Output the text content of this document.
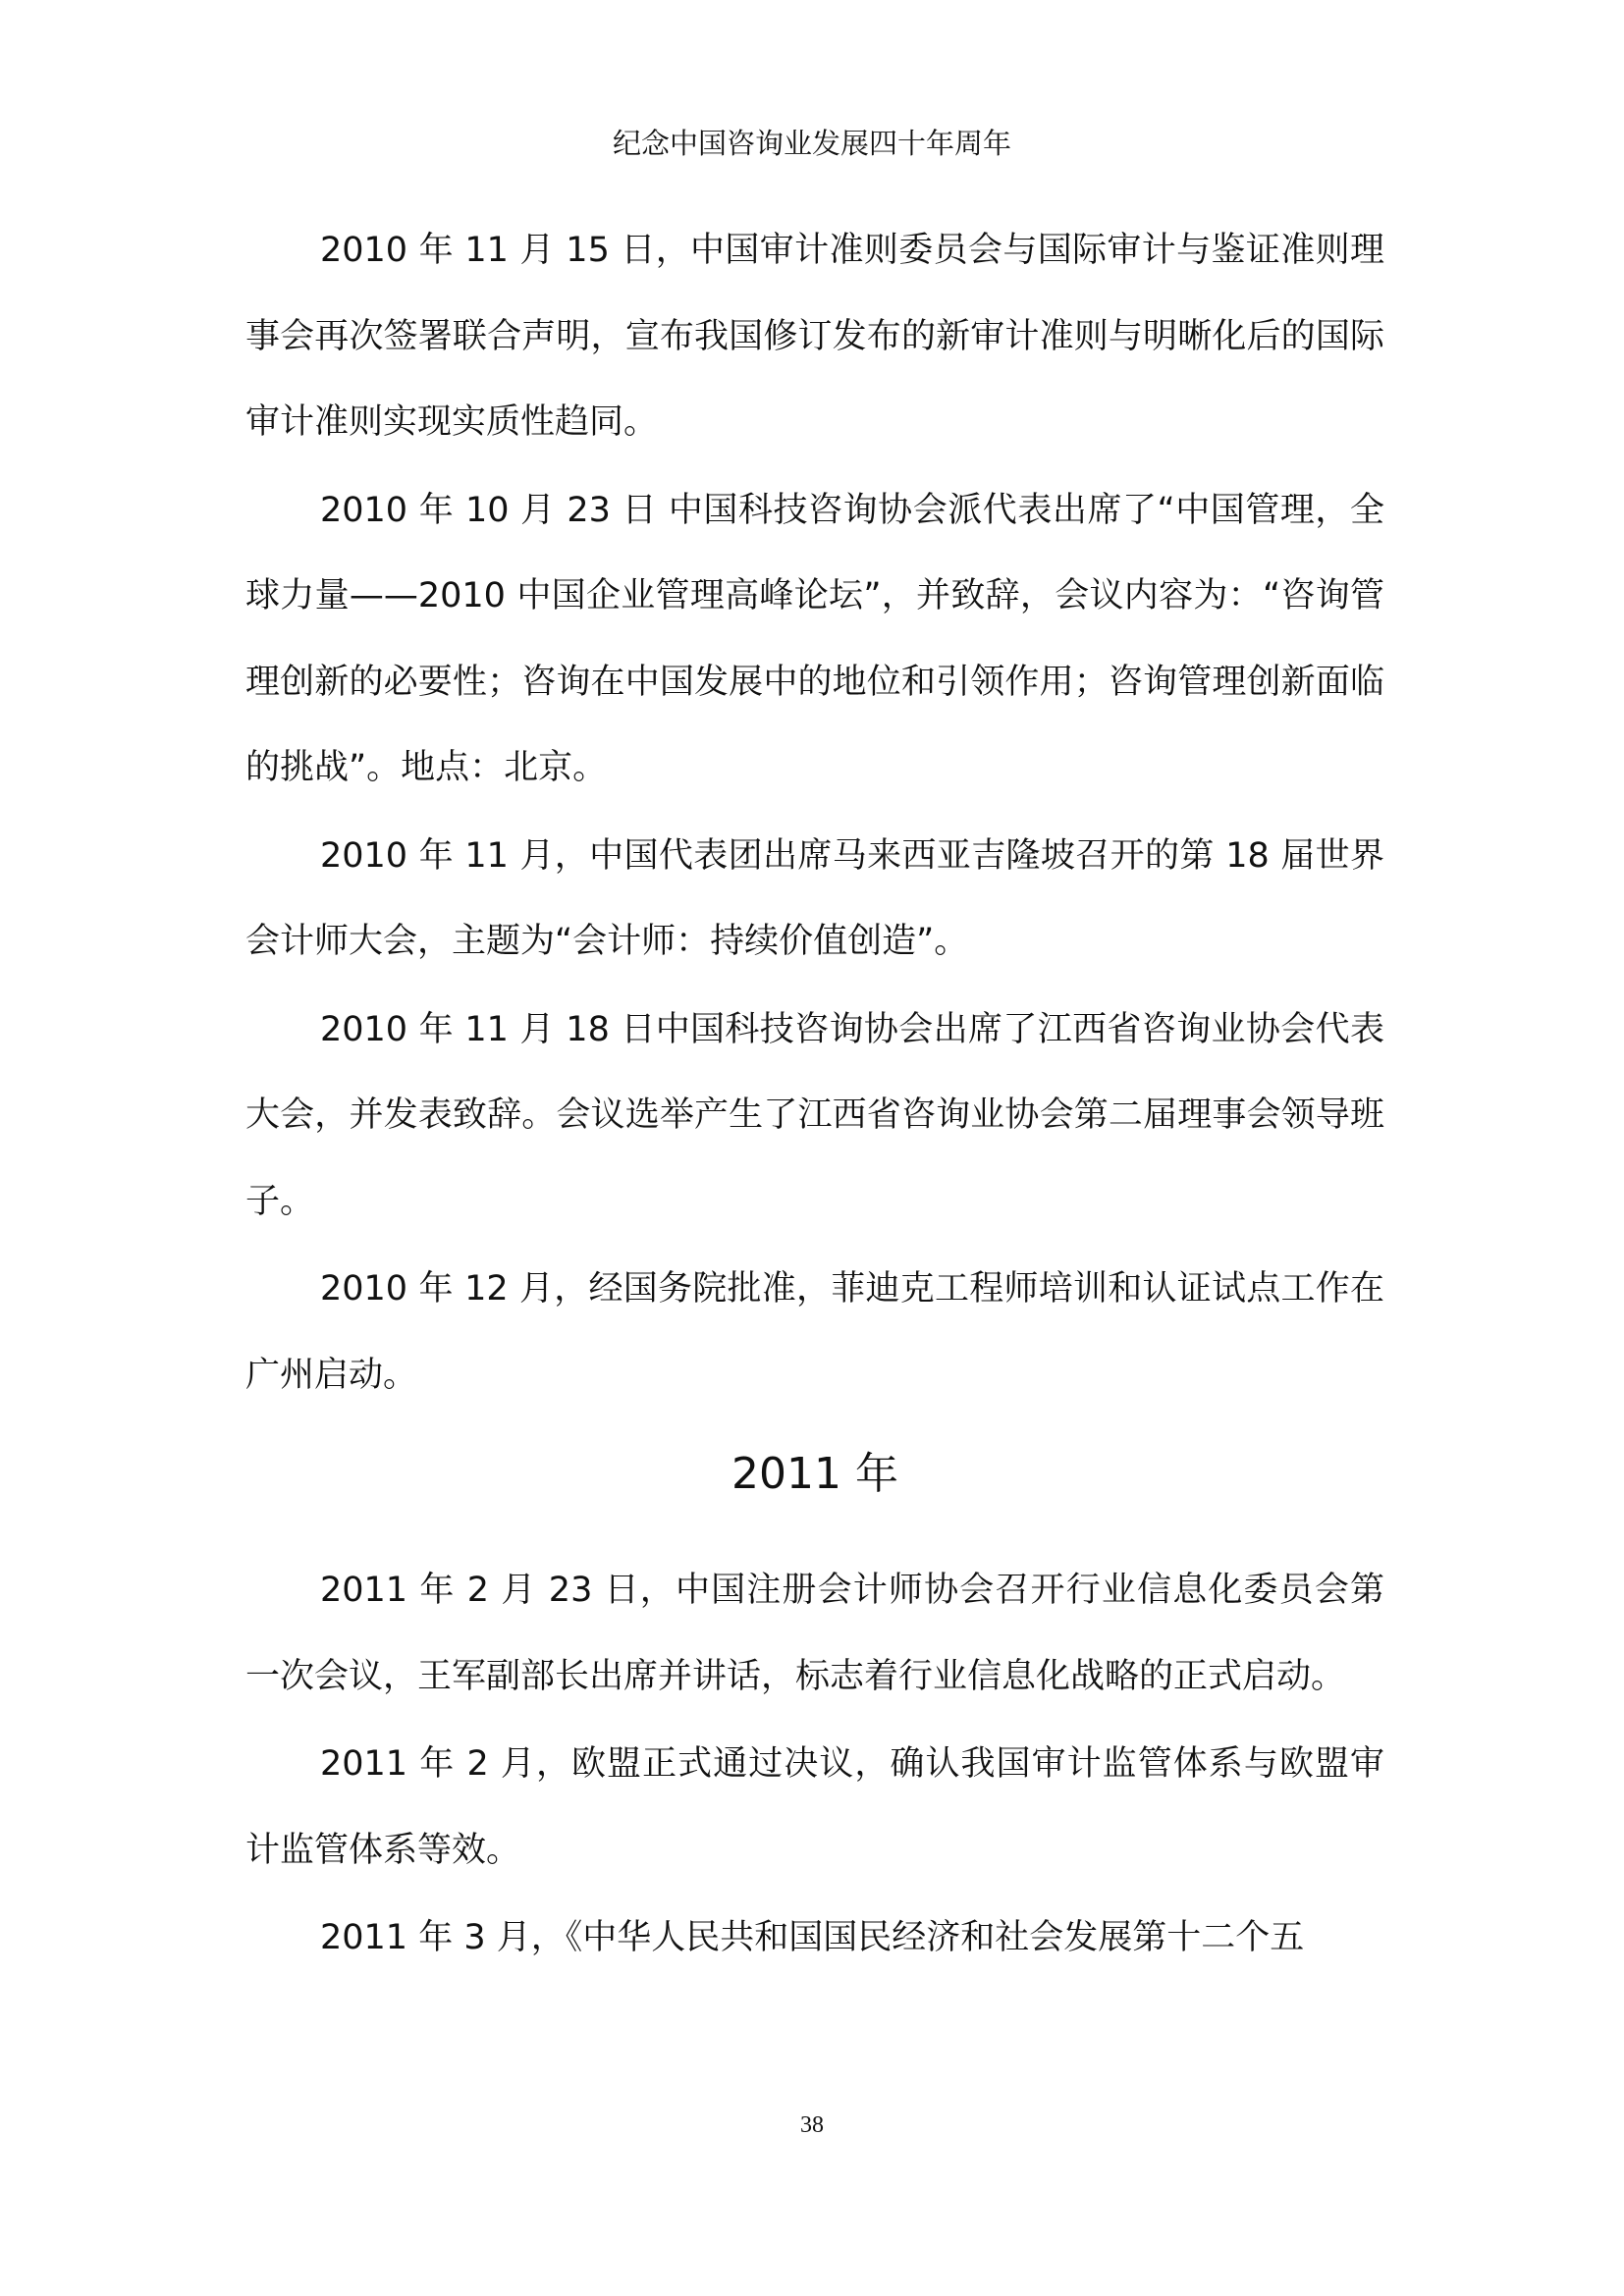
纪念中国咨询业发展四十年周年

2010 年 11 月 15 日，中国审计准则委员会与国际审计与鉴证准则理事会再次签署联合声明，宣布我国修订发布的新审计准则与明晰化后的国际审计准则实现实质性趋同。

2010 年 10 月 23 日 中国科技咨询协会派代表出席了“中国管理，全球力量——2010 中国企业管理高峰论坛”，并致辞，会议内容为：“咨询管理创新的必要性；咨询在中国发展中的地位和引领作用；咨询管理创新面临的挑战”。地点：北京。

2010 年 11 月，中国代表团出席马来西亚吉隆坡召开的第 18 届世界会计师大会，主题为“会计师：持续价值创造”。

2010 年 11 月 18 日中国科技咨询协会出席了江西省咨询业协会代表大会，并发表致辞。会议选举产生了江西省咨询业协会第二届理事会领导班子。

2010 年 12 月，经国务院批准，菲迪克工程师培训和认证试点工作在广州启动。

2011 年

2011 年 2 月 23 日，中国注册会计师协会召开行业信息化委员会第一次会议，王军副部长出席并讲话，标志着行业信息化战略的正式启动。

2011 年 2 月，欧盟正式通过决议，确认我国审计监管体系与欧盟审计监管体系等效。

2011 年 3 月，《中华人民共和国国民经济和社会发展第十二个五

38
